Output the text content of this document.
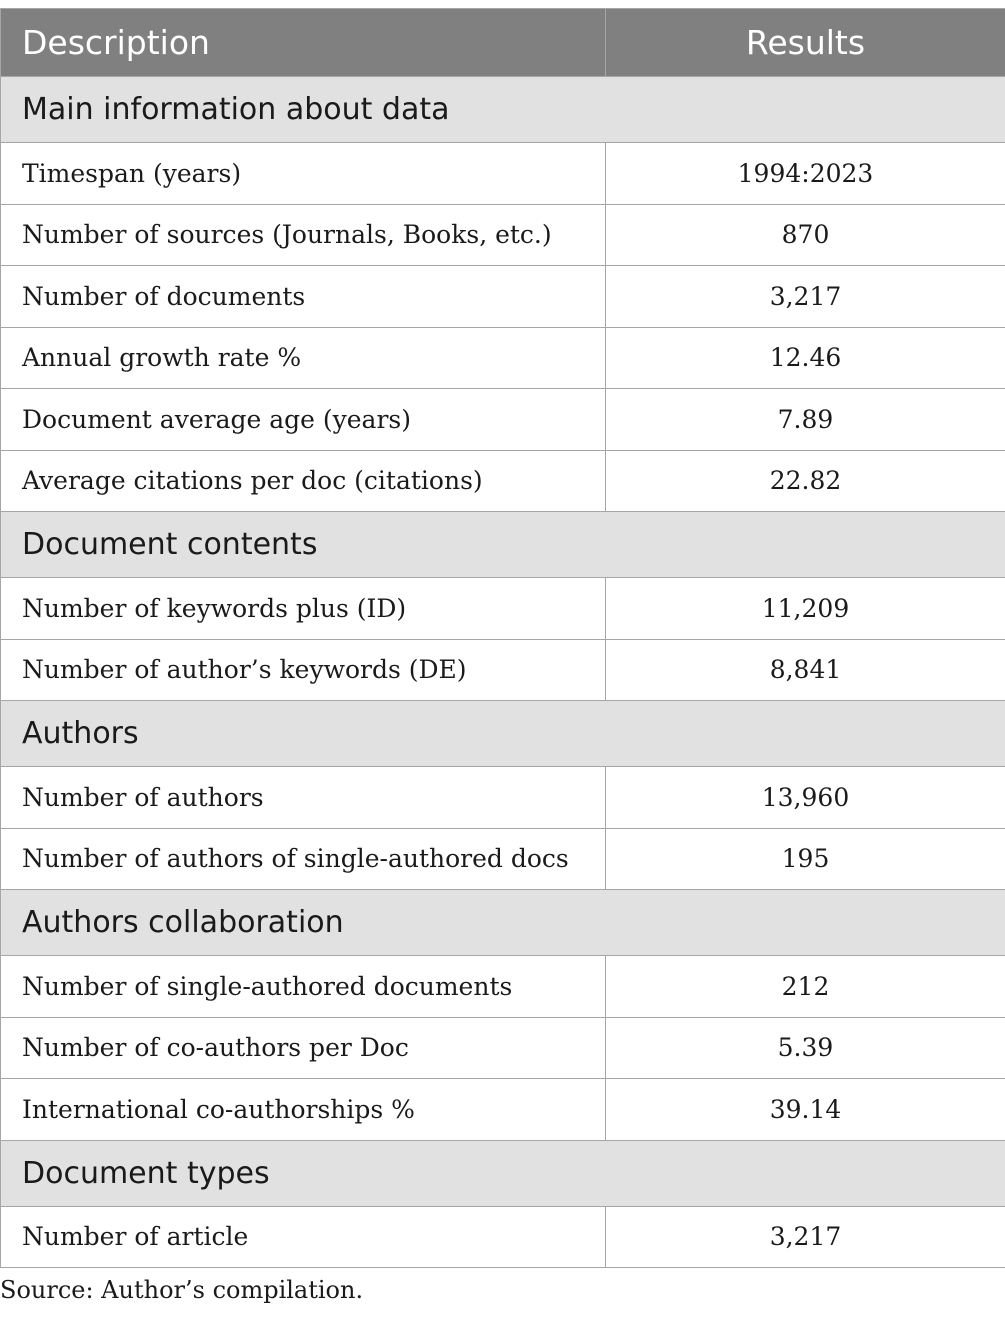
Description	Results
Main information about data	
Timespan (years)	1994:2023
Number of sources (Journals, Books, etc.)	870
Number of documents	3,217
Annual growth rate %	12.46
Document average age (years)	7.89
Average citations per doc (citations)	22.82
Document contents	
Number of keywords plus (ID)	11,209
Number of author’s keywords (DE)	8,841
Authors	
Number of authors	13,960
Number of authors of single-authored docs	195
Authors collaboration	
Number of single-authored documents	212
Number of co-authors per Doc	5.39
International co-authorships %	39.14
Document types	
Number of article	3,217
Source: Author’s compilation.
